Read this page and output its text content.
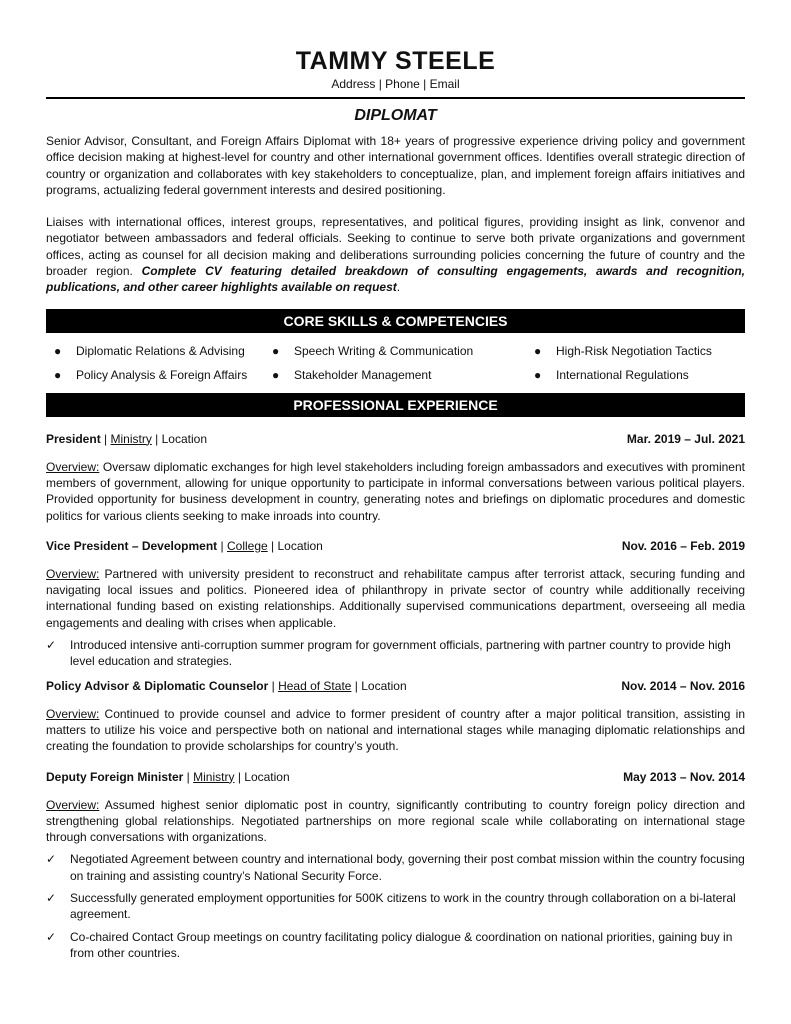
TAMMY STEELE
Address | Phone | Email
DIPLOMAT

Senior Advisor, Consultant, and Foreign Affairs Diplomat with 18+ years of progressive experience driving policy and government office decision making at highest-level for country and other international government offices. Identifies overall strategic direction of country or organization and collaborates with key stakeholders to conceptualize, plan, and implement foreign affairs initiatives and programs, actualizing federal government interests and desired positioning.

Liaises with international offices, interest groups, representatives, and political figures, providing insight as link, convenor and negotiator between ambassadors and federal officials. Seeking to continue to serve both private organizations and government offices, acting as counsel for all decision making and deliberations surrounding policies concerning the future of country and the broader region. Complete CV featuring detailed breakdown of consulting engagements, awards and recognition, publications, and other career highlights available on request.

CORE SKILLS & COMPETENCIES
● Diplomatic Relations & Advising ● Speech Writing & Communication	● High-Risk Negotiation Tactics
● Policy Analysis & Foreign Affairs ● Stakeholder Management	● International Regulations
PROFESSIONAL EXPERIENCE
President | Ministry | Location	Mar. 2019 – Jul. 2021
Overview: Oversaw diplomatic exchanges for high level stakeholders including foreign ambassadors and executives with prominent members of government, allowing for unique opportunity to participate in informal conversations between various political players. Provided opportunity for business development in country, generating notes and briefings on diplomatic procedures and domestic politics for various clients seeking to make inroads into country.
Vice President – Development | College | Location	Nov. 2016 – Feb. 2019
Overview: Partnered with university president to reconstruct and rehabilitate campus after terrorist attack, securing funding and navigating local issues and politics. Pioneered idea of philanthropy in private sector of country while additionally receiving international funding based on existing relationships. Additionally supervised communications department, overseeing all media engagements and dealing with crises when applicable.
✓ Introduced intensive anti-corruption summer program for government officials, partnering with partner country to provide high level education and strategies.
Policy Advisor & Diplomatic Counselor | Head of State | Location	Nov. 2014 – Nov. 2016
Overview: Continued to provide counsel and advice to former president of country after a major political transition, assisting in matters to utilize his voice and perspective both on national and international stages while managing diplomatic relationships and creating the foundation to provide scholarships for country’s youth.
Deputy Foreign Minister | Ministry | Location	May 2013 – Nov. 2014
Overview: Assumed highest senior diplomatic post in country, significantly contributing to country foreign policy direction and strengthening global relationships. Negotiated partnerships on more regional scale while collaborating on international stage through conversations with organizations.
✓ Negotiated Agreement between country and international body, governing their post combat mission within the country focusing on training and assisting country’s National Security Force.
✓ Successfully generated employment opportunities for 500K citizens to work in the country through collaboration on a bi-lateral agreement.
✓ Co-chaired Contact Group meetings on country facilitating policy dialogue & coordination on national priorities, gaining buy in from other countries.
